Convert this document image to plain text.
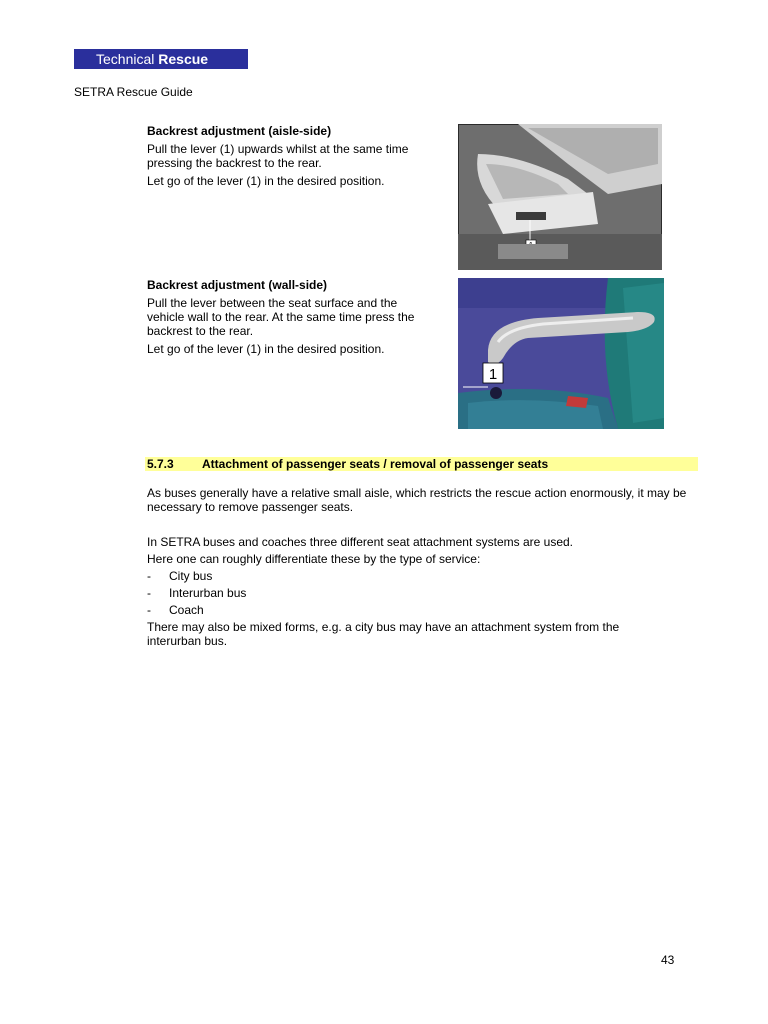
Technical Rescue
SETRA Rescue Guide

Backrest adjustment (aisle-side)

Pull the lever (1) upwards whilst at the same time pressing the backrest to the rear.

Let go of the lever (1) in the desired position.

Backrest adjustment (wall-side)

Pull the lever between the seat surface and the vehicle wall to the rear. At the same time press the backrest to the rear.

Let go of the lever (1) in the desired position.

1
5.7.3 Attachment of passenger seats / removal of passenger seats

As buses generally have a relative small aisle, which restricts the rescue action enormously, it may be necessary to remove passenger seats.

In SETRA buses and coaches three different seat attachment systems are used.

Here one can roughly differentiate these by the type of service:

- City bus
- Interurban bus
- Coach

There may also be mixed forms, e.g. a city bus may have an attachment system from the interurban bus.

43
